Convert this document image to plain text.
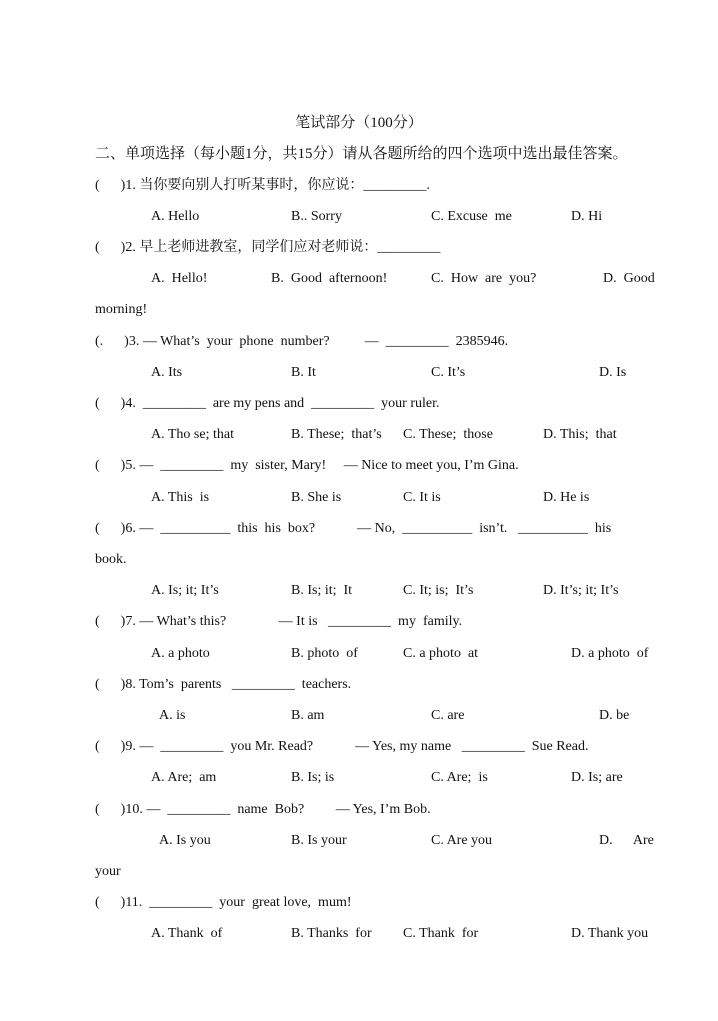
笔试部分（100分）
二、单项选择（每小题1分，共15分）请从各题所给的四个选项中选出最佳答案。
(      )1. 当你要向别人打听某事时，你应说：_________.
A. Hello	B.. Sorry	C. Excuse  me	D. Hi
(      )2. 早上老师进教室，同学们应对老师说：_________
A.  Hello!	B.  Good  afternoon!	C.  How  are  you?	D.  Good
morning!
(.      )3. — What’s  your  phone  number?          —  _________  2385946.
A. Its	B. It	C. It’s	D. Is
(      )4.  _________  are my pens and  _________  your ruler.
A. Tho se; that	B. These;  that’s C. These;  those	D. This;  that
(      )5. —  _________  my  sister, Mary!     — Nice to meet you, I’m Gina.
A. This  is	B. She is	C. It is	D. He is
(      )6. —  __________  this  his  box?            — No,  __________  isn’t.   __________  his
book.
A. Is; it; It’s	B. Is; it;  It	C. It; is;  It’s	D. It’s; it; It’s
(      )7. — What’s this?               — It is   _________  my  family.
A. a photo	B. photo  of	C. a photo  at	D. a photo  of
(      )8. Tom’s  parents   _________  teachers.
A. is	B. am	C. are	D. be
(      )9. —  _________  you Mr. Read?            — Yes, my name   _________  Sue Read.
A. Are;  am	B. Is; is	C. Are;  is	D. Is; are
(      )10. —  _________  name  Bob?         — Yes, I’m Bob.
A. Is you	B. Is your	C. Are you	D.      Are
your
(      )11.  _________  your  great love,  mum!
A. Thank  of	B. Thanks  for C. Thank  for	D. Thank you
